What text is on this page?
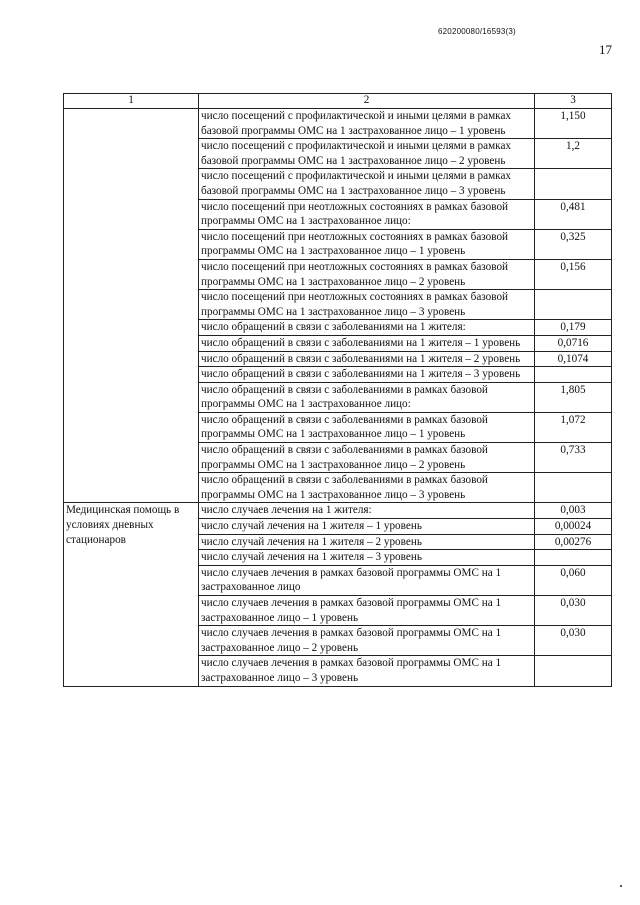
620200080/16593(3)
17
1	2	3
	число посещений с профилактической и иными целями в рамках базовой программы ОМС на 1 застрахованное лицо – 1 уровень	1,150
	число посещений с профилактической и иными целями в рамках базовой программы ОМС на 1 застрахованное лицо – 2 уровень	1,2
	число посещений с профилактической и иными целями в рамках базовой программы ОМС на 1 застрахованное лицо – 3 уровень	
	число посещений при неотложных состояниях в рамках базовой программы ОМС на 1 застрахованное лицо:	0,481
	число посещений при неотложных состояниях в рамках базовой программы ОМС на 1 застрахованное лицо – 1 уровень	0,325
	число посещений при неотложных состояниях в рамках базовой программы ОМС на 1 застрахованное лицо – 2 уровень	0,156
	число посещений при неотложных состояниях в рамках базовой программы ОМС на 1 застрахованное лицо – 3 уровень	
	число обращений в связи с заболеваниями на 1 жителя:	0,179
	число обращений в связи с заболеваниями на 1 жителя – 1 уровень	0,0716
	число обращений в связи с заболеваниями на 1 жителя – 2 уровень	0,1074
	число обращений в связи с заболеваниями на 1 жителя – 3 уровень	
	число обращений в связи с заболеваниями в рамках базовой программы ОМС на 1 застрахованное лицо:	1,805
	число обращений в связи с заболеваниями в рамках базовой программы ОМС на 1 застрахованное лицо – 1 уровень	1,072
	число обращений в связи с заболеваниями в рамках базовой программы ОМС на 1 застрахованное лицо – 2 уровень	0,733
	число обращений в связи с заболеваниями в рамках базовой программы ОМС на 1 застрахованное лицо – 3 уровень	
Медицинская помощь в условиях дневных стационаров	число случаев лечения на 1 жителя:	0,003
	число случай лечения на 1 жителя – 1 уровень	0,00024
	число случай лечения на 1 жителя – 2 уровень	0,00276
	число случай лечения на 1 жителя – 3 уровень	
	число случаев лечения в рамках базовой программы ОМС на 1 застрахованное лицо	0,060
	число случаев лечения в рамках базовой программы ОМС на 1 застрахованное лицо – 1 уровень	0,030
	число случаев лечения в рамках базовой программы ОМС на 1 застрахованное лицо – 2 уровень	0,030
	число случаев лечения в рамках базовой программы ОМС на 1 застрахованное лицо – 3 уровень	
